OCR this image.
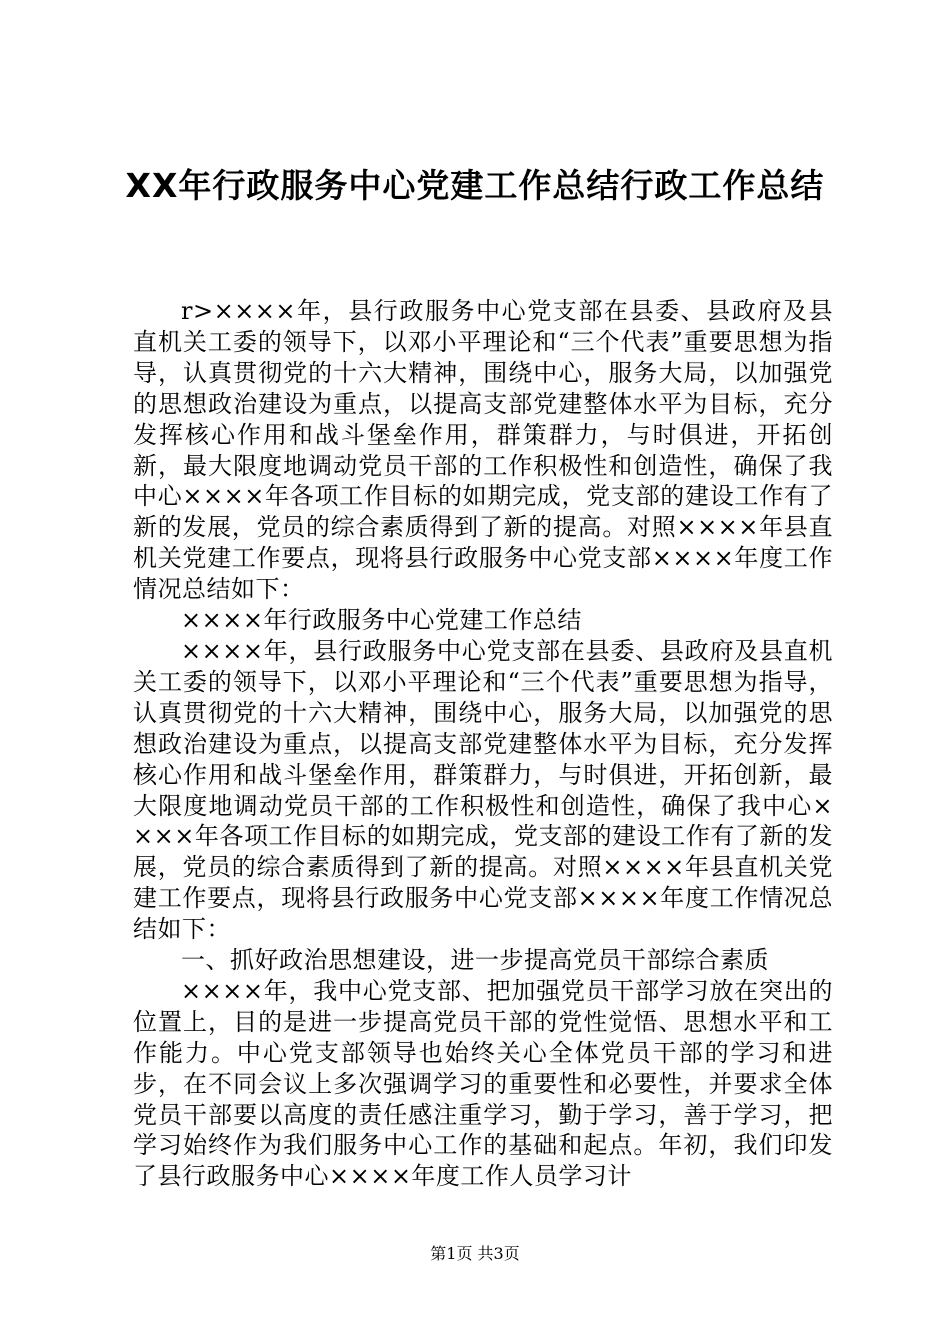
XX年行政服务中心党建工作总结行政工作总结

r>××××年，县行政服务中心党支部在县委、县政府及县直机关工委的领导下，以邓小平理论和“三个代表”重要思想为指导，认真贯彻党的十六大精神，围绕中心，服务大局，以加强党的思想政治建设为重点，以提高支部党建整体水平为目标，充分发挥核心作用和战斗堡垒作用，群策群力，与时俱进，开拓创新，最大限度地调动党员干部的工作积极性和创造性，确保了我中心××××年各项工作目标的如期完成，党支部的建设工作有了新的发展，党员的综合素质得到了新的提高。对照××××年县直机关党建工作要点，现将县行政服务中心党支部××××年度工作情况总结如下：

××××年行政服务中心党建工作总结

××××年，县行政服务中心党支部在县委、县政府及县直机关工委的领导下，以邓小平理论和“三个代表”重要思想为指导，认真贯彻党的十六大精神，围绕中心，服务大局，以加强党的思想政治建设为重点，以提高支部党建整体水平为目标，充分发挥核心作用和战斗堡垒作用，群策群力，与时俱进，开拓创新，最大限度地调动党员干部的工作积极性和创造性，确保了我中心××××年各项工作目标的如期完成，党支部的建设工作有了新的发展，党员的综合素质得到了新的提高。对照××××年县直机关党建工作要点，现将县行政服务中心党支部××××年度工作情况总结如下：

一、抓好政治思想建设，进一步提高党员干部综合素质

××××年，我中心党支部、把加强党员干部学习放在突出的位置上，目的是进一步提高党员干部的党性觉悟、思想水平和工作能力。中心党支部领导也始终关心全体党员干部的学习和进步，在不同会议上多次强调学习的重要性和必要性，并要求全体党员干部要以高度的责任感注重学习，勤于学习，善于学习，把学习始终作为我们服务中心工作的基础和起点。年初，我们印发了县行政服务中心××××年度工作人员学习计

第1页 共3页
